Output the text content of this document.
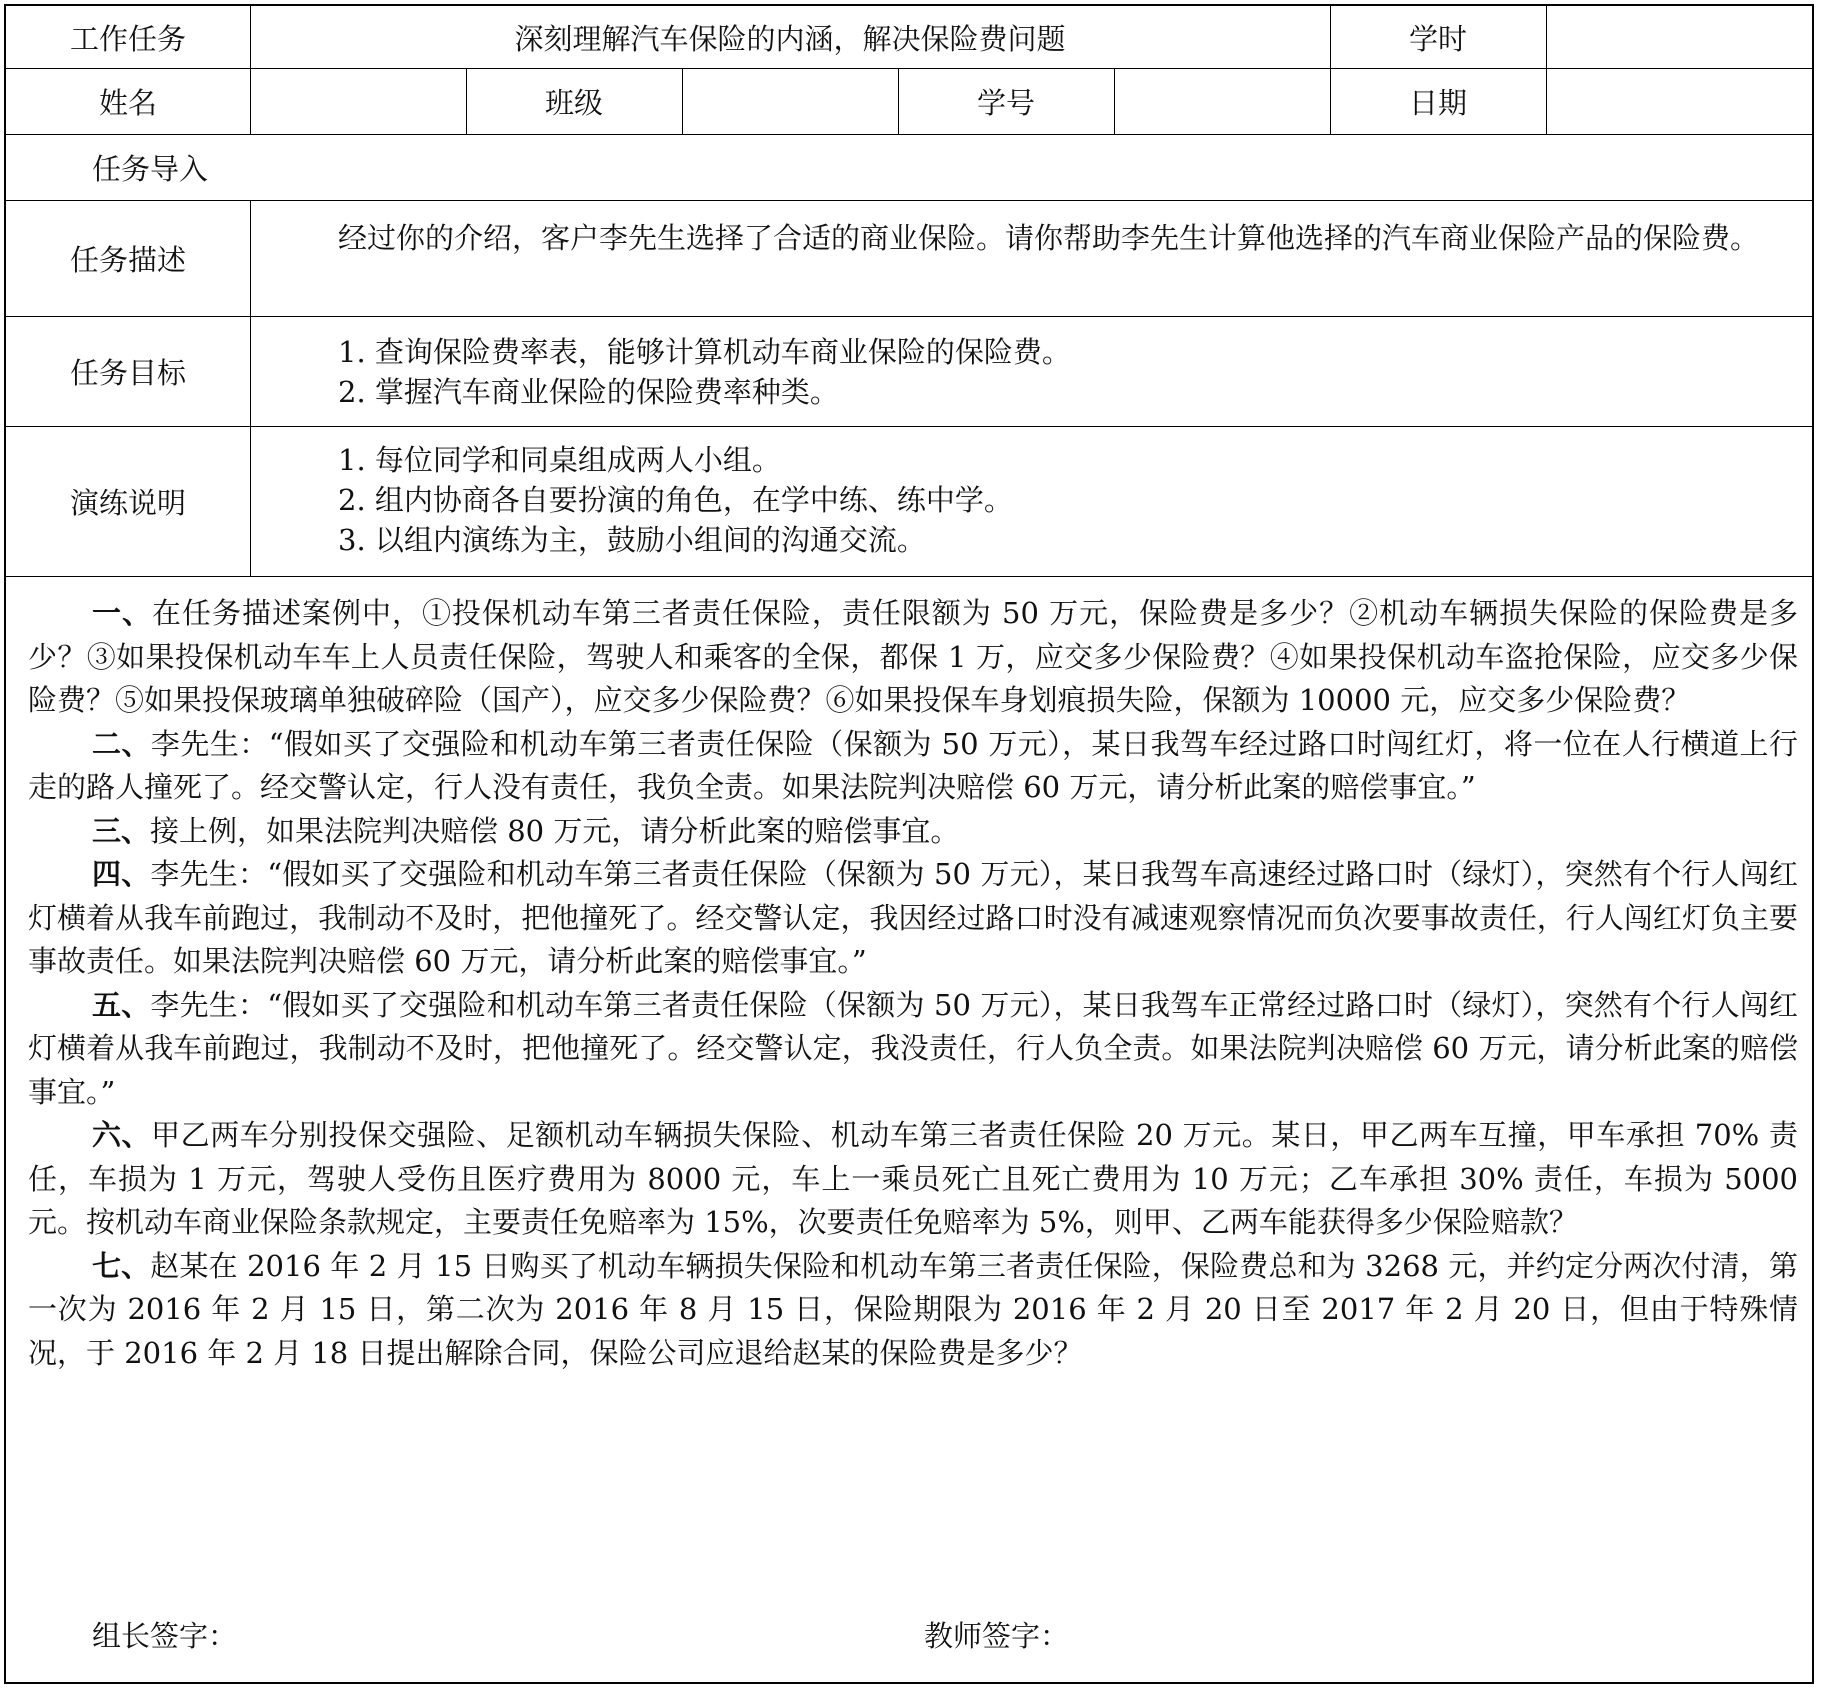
工作任务	深刻理解汽车保险的内涵，解决保险费问题	学时
姓名	班级	学号	日期
任务导入
任务描述
经过你的介绍，客户李先生选择了合适的商业保险。请你帮助李先生计算他选择的汽车商业保险产品的保险费。
任务目标
1. 查询保险费率表，能够计算机动车商业保险的保险费。
2. 掌握汽车商业保险的保险费率种类。
演练说明
1. 每位同学和同桌组成两人小组。
2. 组内协商各自要扮演的角色，在学中练、练中学。
3. 以组内演练为主，鼓励小组间的沟通交流。

一、在任务描述案例中，①投保机动车第三者责任保险，责任限额为 50 万元，保险费是多少？②机动车辆损失保险的保险费是多少？③如果投保机动车车上人员责任保险，驾驶人和乘客的全保，都保 1 万，应交多少保险费？④如果投保机动车盗抢保险，应交多少保险费？⑤如果投保玻璃单独破碎险（国产），应交多少保险费？⑥如果投保车身划痕损失险，保额为 10000 元，应交多少保险费？

二、李先生：“假如买了交强险和机动车第三者责任保险（保额为 50 万元），某日我驾车经过路口时闯红灯，将一位在人行横道上行走的路人撞死了。经交警认定，行人没有责任，我负全责。如果法院判决赔偿 60 万元，请分析此案的赔偿事宜。”

三、接上例，如果法院判决赔偿 80 万元，请分析此案的赔偿事宜。

四、李先生：“假如买了交强险和机动车第三者责任保险（保额为 50 万元），某日我驾车高速经过路口时（绿灯），突然有个行人闯红灯横着从我车前跑过，我制动不及时，把他撞死了。经交警认定，我因经过路口时没有减速观察情况而负次要事故责任，行人闯红灯负主要事故责任。如果法院判决赔偿 60 万元，请分析此案的赔偿事宜。”

五、李先生：“假如买了交强险和机动车第三者责任保险（保额为 50 万元），某日我驾车正常经过路口时（绿灯），突然有个行人闯红灯横着从我车前跑过，我制动不及时，把他撞死了。经交警认定，我没责任，行人负全责。如果法院判决赔偿 60 万元，请分析此案的赔偿事宜。”

六、甲乙两车分别投保交强险、足额机动车辆损失保险、机动车第三者责任保险 20 万元。某日，甲乙两车互撞，甲车承担 70% 责任，车损为 1 万元，驾驶人受伤且医疗费用为 8000 元，车上一乘员死亡且死亡费用为 10 万元；乙车承担 30% 责任，车损为 5000 元。按机动车商业保险条款规定，主要责任免赔率为 15%，次要责任免赔率为 5%，则甲、乙两车能获得多少保险赔款？

七、赵某在 2016 年 2 月 15 日购买了机动车辆损失保险和机动车第三者责任保险，保险费总和为 3268 元，并约定分两次付清，第一次为 2016 年 2 月 15 日，第二次为 2016 年 8 月 15 日，保险期限为 2016 年 2 月 20 日至 2017 年 2 月 20 日，但由于特殊情况，于 2016 年 2 月 18 日提出解除合同，保险公司应退给赵某的保险费是多少？

组长签字：	教师签字：
